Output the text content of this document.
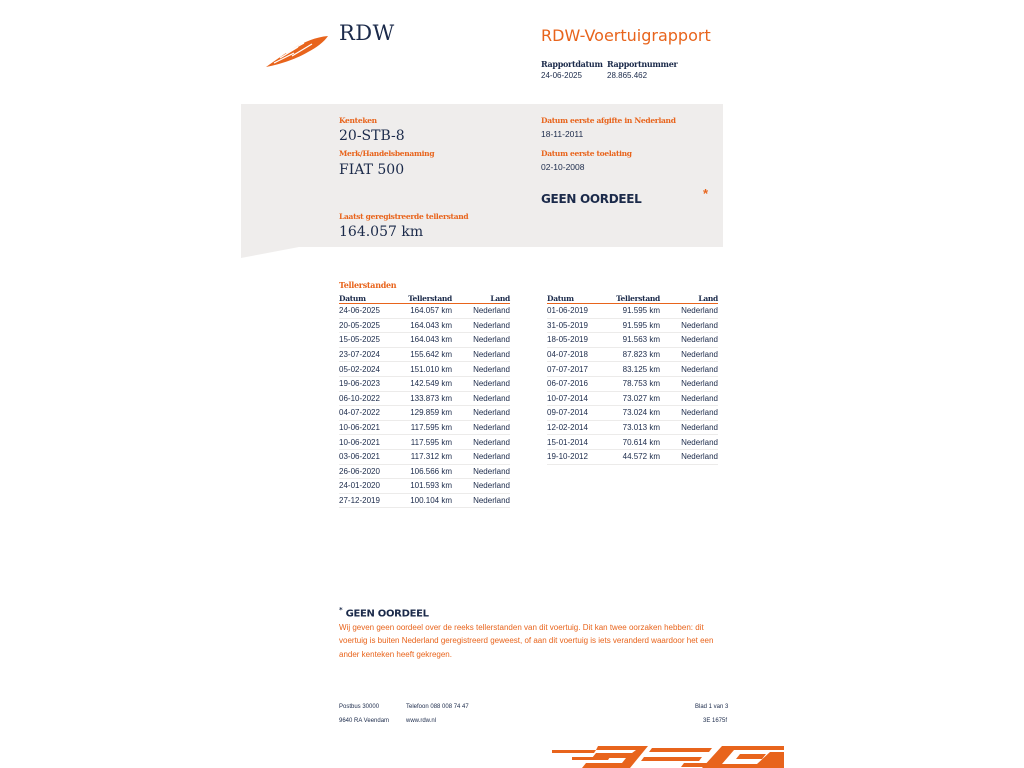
RDW	RDW-Voertuigrapport
Rapportdatum
24-06-2025
Rapportnummer
28.865.462
Kenteken
20-STB-8
Merk/Handelsbenaming
FIAT 500
Laatst geregistreerde tellerstand
164.057 km
Datum eerste afgifte in Nederland
18-11-2011
Datum eerste toelating
02-10-2008
GEEN OORDEEL	*
Tellerstanden
Datum	Tellerstand	Land
24-06-2025	164.057 km	Nederland
20-05-2025	164.043 km	Nederland
15-05-2025	164.043 km	Nederland
23-07-2024	155.642 km	Nederland
05-02-2024	151.010 km	Nederland
19-06-2023	142.549 km	Nederland
06-10-2022	133.873 km	Nederland
04-07-2022	129.859 km	Nederland
10-06-2021	117.595 km	Nederland
10-06-2021	117.595 km	Nederland
03-06-2021	117.312 km	Nederland
26-06-2020	106.566 km	Nederland
24-01-2020	101.593 km	Nederland
27-12-2019	100.104 km	Nederland
Datum	Tellerstand	Land
01-06-2019	91.595 km	Nederland
31-05-2019	91.595 km	Nederland
18-05-2019	91.563 km	Nederland
04-07-2018	87.823 km	Nederland
07-07-2017	83.125 km	Nederland
06-07-2016	78.753 km	Nederland
10-07-2014	73.027 km	Nederland
09-07-2014	73.024 km	Nederland
12-02-2014	73.013 km	Nederland
15-01-2014	70.614 km	Nederland
19-10-2012	44.572 km	Nederland
* GEEN OORDEEL
Wij geven geen oordeel over de reeks tellerstanden van dit voertuig. Dit kan twee oorzaken hebben: dit voertuig is buiten Nederland geregistreerd geweest, of aan dit voertuig is iets veranderd waardoor het een ander kenteken heeft gekregen.
Postbus 30000
9640 RA Veendam
Telefoon 088 008 74 47
www.rdw.nl
Blad 1 van 3
3E 1675f
